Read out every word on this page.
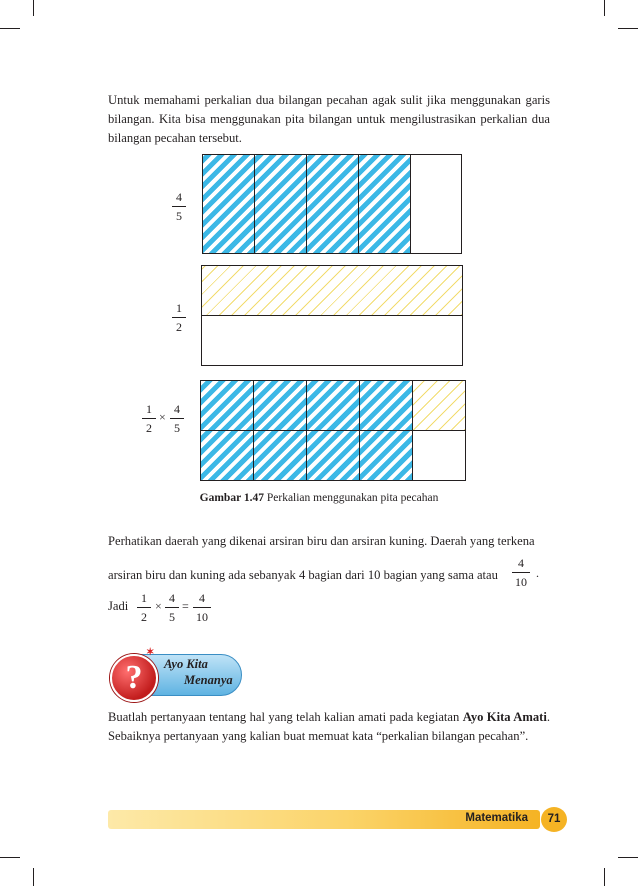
Untuk memahami perkalian dua bilangan pecahan agak sulit jika menggunakan garis bilangan. Kita bisa menggunakan pita bilangan untuk mengilustrasikan perkalian dua bilangan pecahan tersebut.

4
5
1
2
1
2
×
4
5
Gambar 1.47 Perkalian menggunakan pita pecahan

Perhatikan daerah yang dikenai arsiran biru dan arsiran kuning. Daerah yang terkena

arsiran biru dan kuning ada sebanyak 4 bagian dari 10 bagian yang sama atau

4
10
.
Jadi
1
2
×
4
5
=
4
10
?
✶
Ayo Kita
Menanya

Buatlah pertanyaan tentang hal yang telah kalian amati pada kegiatan Ayo Kita Amati. Sebaiknya pertanyaan yang kalian buat memuat kata “perkalian bilangan pecahan”.

Matematika	71
